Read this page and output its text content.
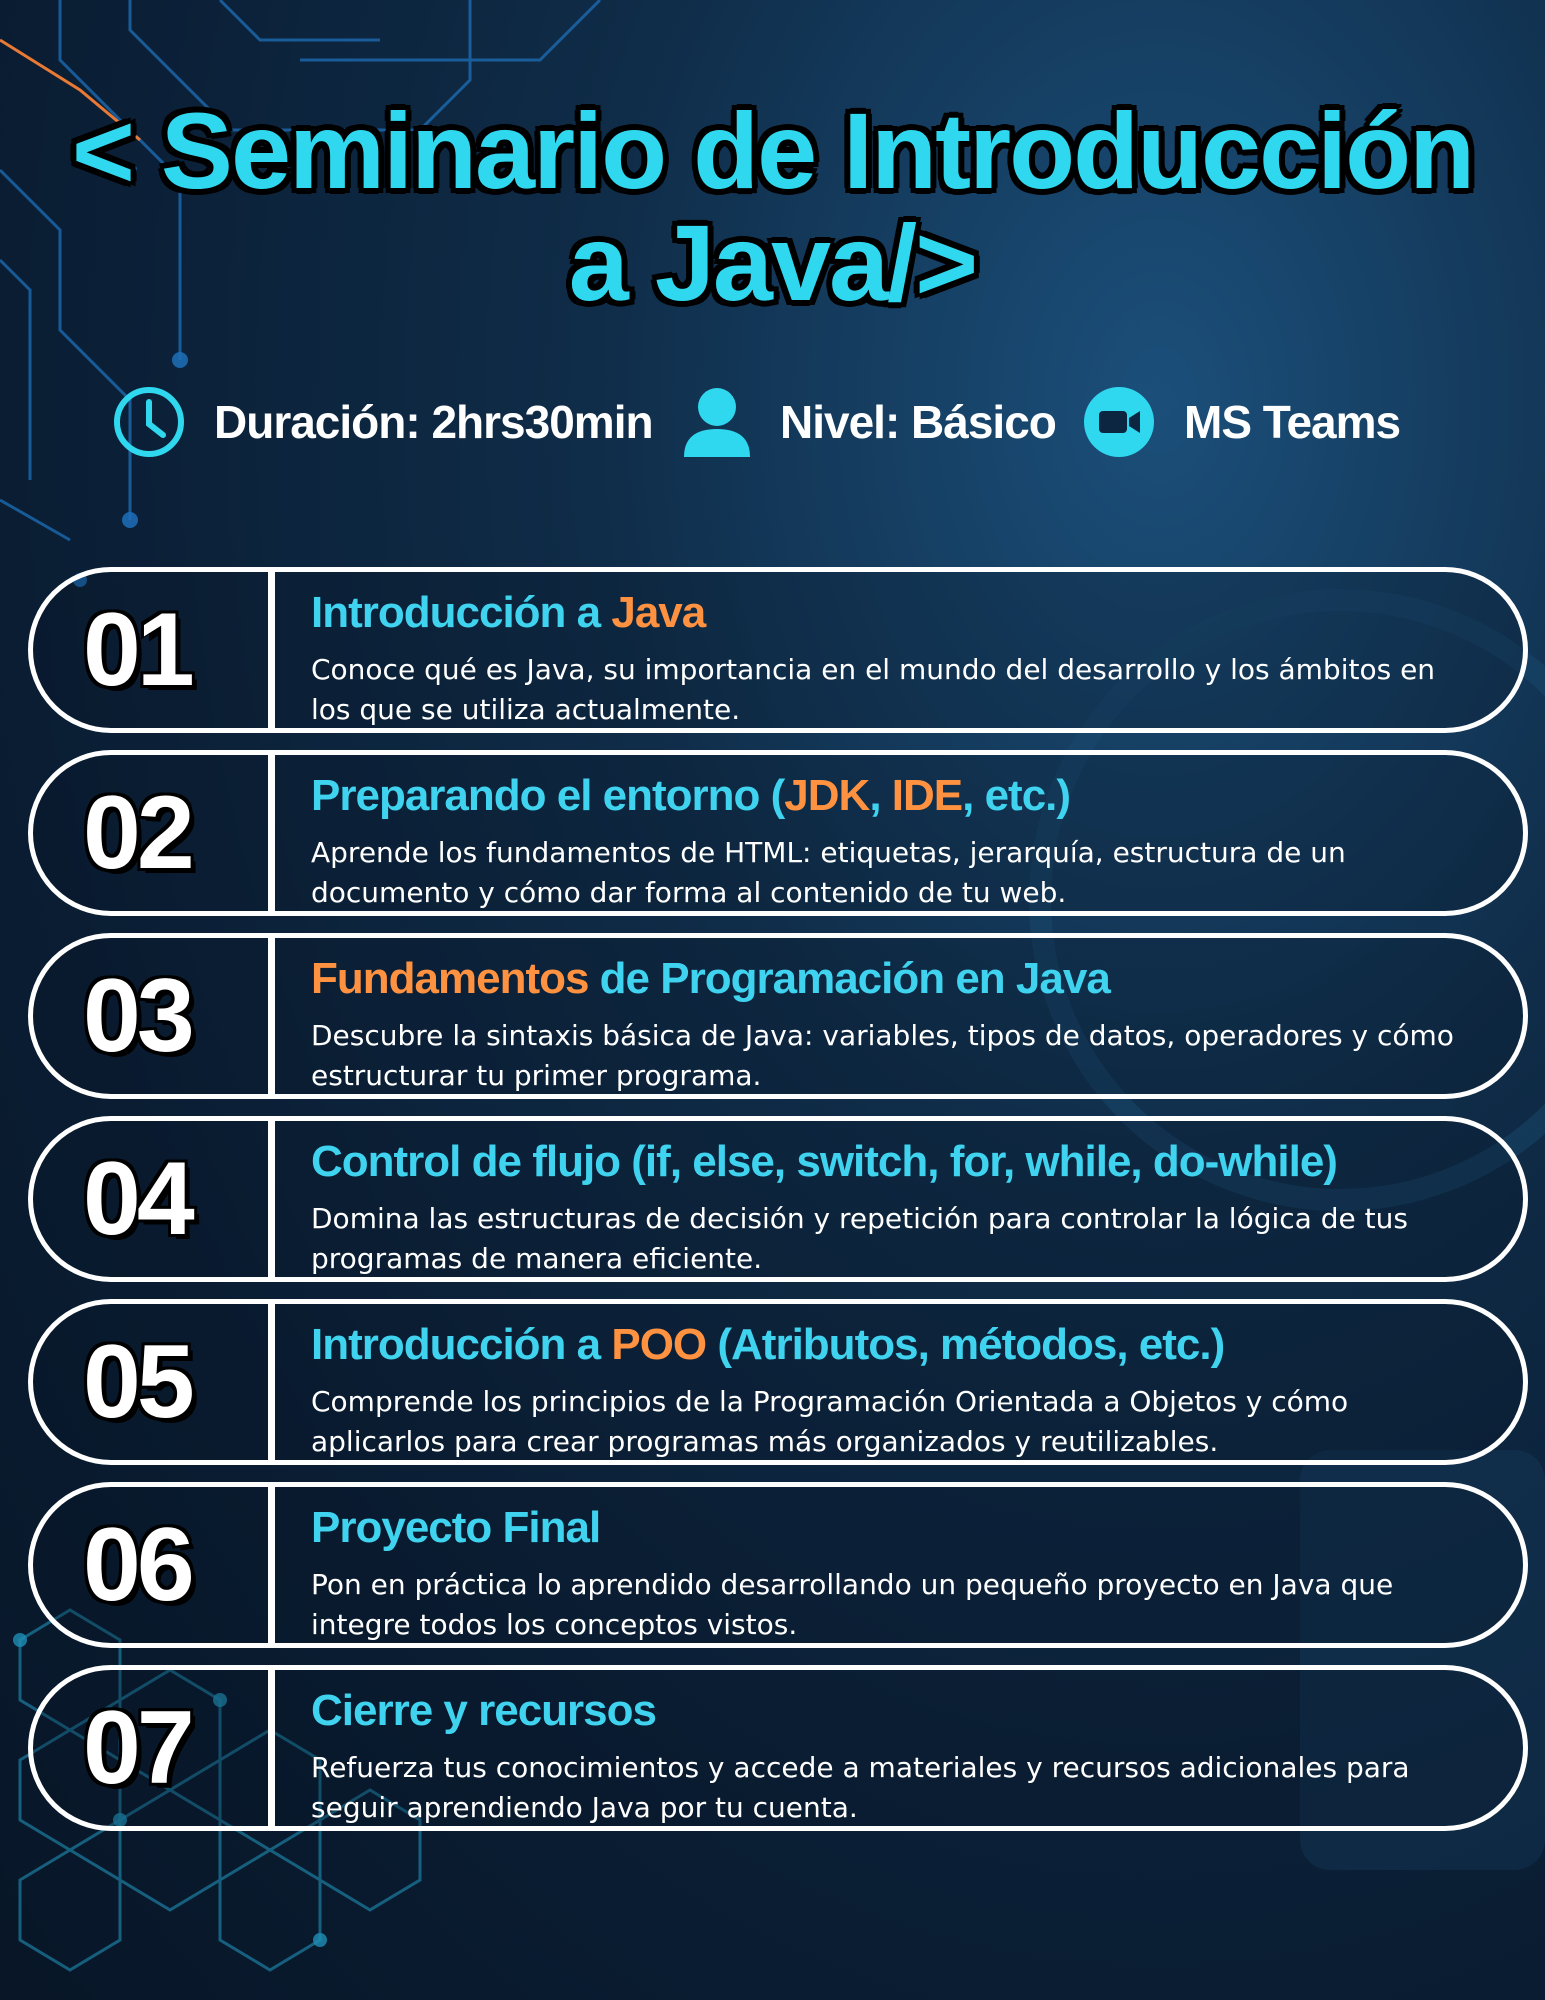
< Seminario de Introducción
a Java/>
Duración: 2hrs30min	Nivel: Básico	MS Teams
01	Introducción a Java
Conoce qué es Java, su importancia en el mundo del desarrollo y los ámbitos en los que se utiliza actualmente.
02	Preparando el entorno (JDK, IDE, etc.)
Aprende los fundamentos de HTML: etiquetas, jerarquía, estructura de un documento y cómo dar forma al contenido de tu web.
03	Fundamentos de Programación en Java
Descubre la sintaxis básica de Java: variables, tipos de datos, operadores y cómo estructurar tu primer programa.
04	Control de flujo (if, else, switch, for, while, do-while)
Domina las estructuras de decisión y repetición para controlar la lógica de tus programas de manera eficiente.
05	Introducción a POO (Atributos, métodos, etc.)
Comprende los principios de la Programación Orientada a Objetos y cómo aplicarlos para crear programas más organizados y reutilizables.
06	Proyecto Final
Pon en práctica lo aprendido desarrollando un pequeño proyecto en Java que integre todos los conceptos vistos.
07	Cierre y recursos
Refuerza tus conocimientos y accede a materiales y recursos adicionales para seguir aprendiendo Java por tu cuenta.
